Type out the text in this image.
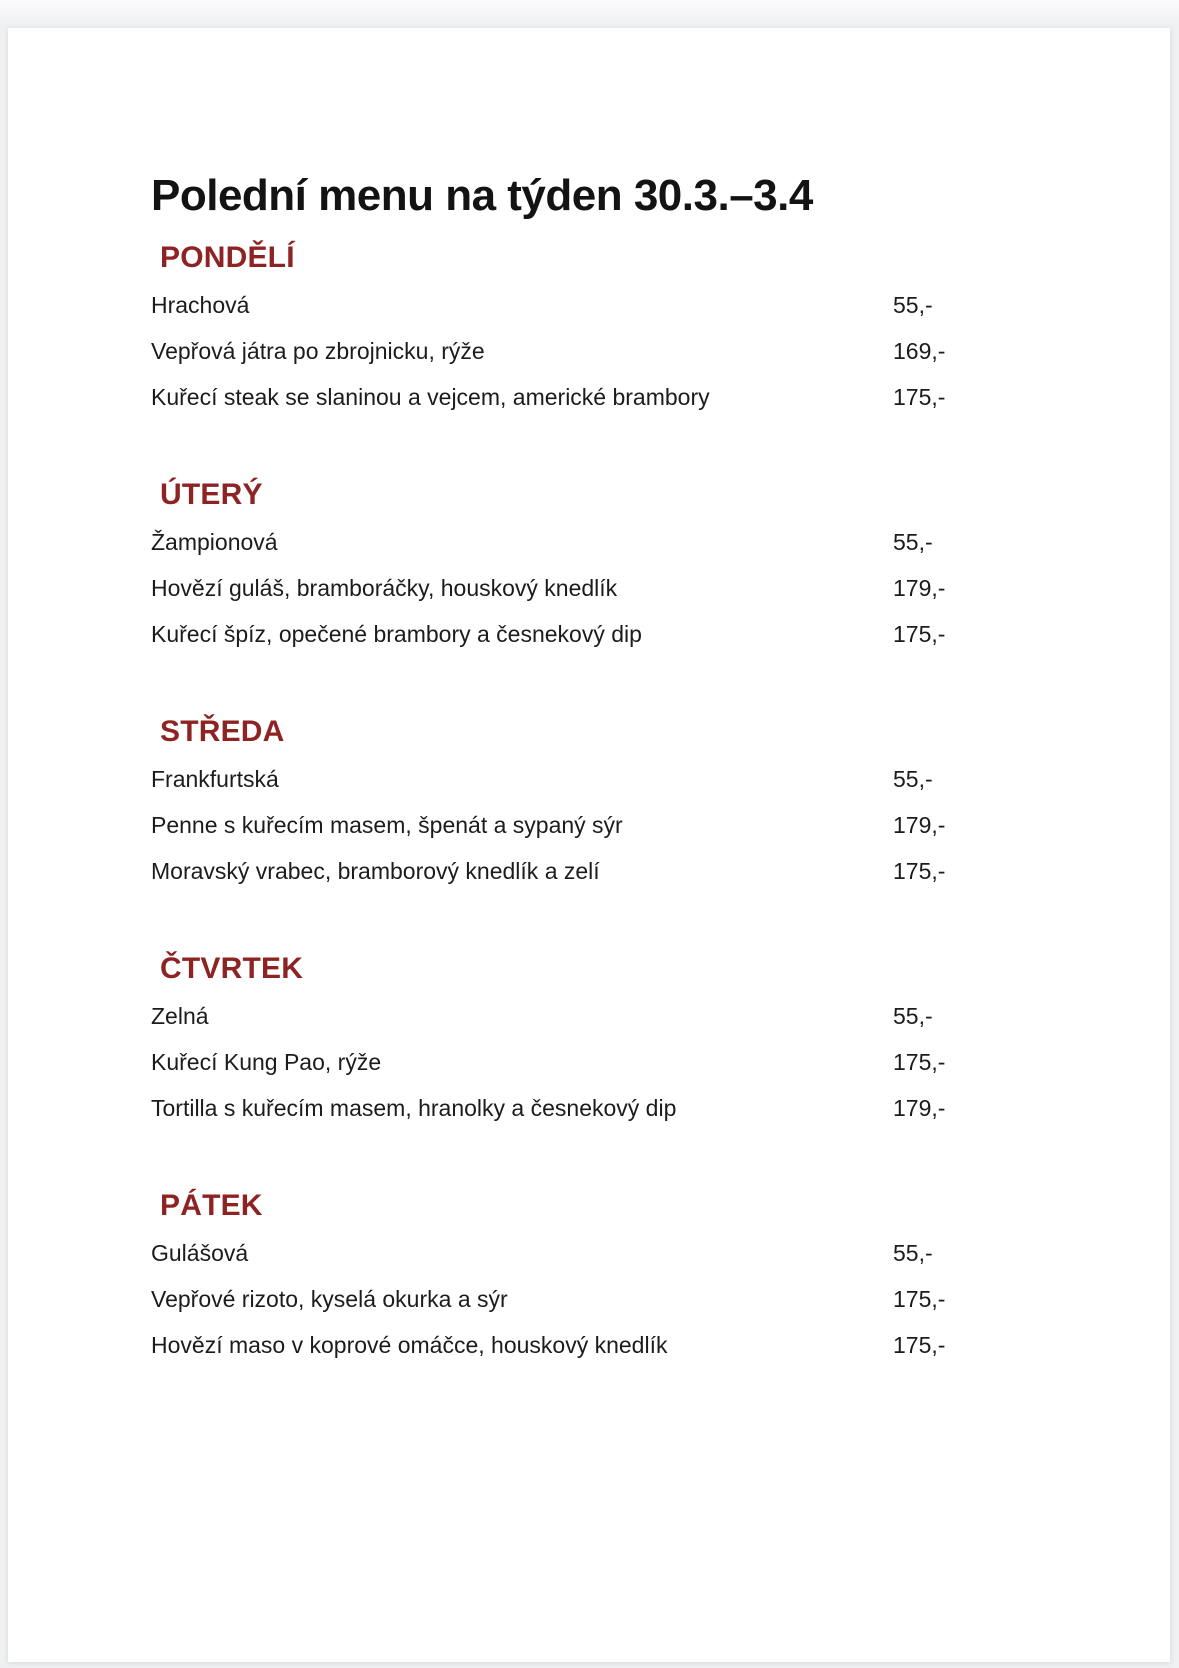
Polední menu na týden 30.3.–3.4
PONDĚLÍ
Hrachová	55,-
Vepřová játra po zbrojnicku, rýže	169,-
Kuřecí steak se slaninou a vejcem, americké brambory	175,-
ÚTERÝ
Žampionová	55,-
Hovězí guláš, bramboráčky, houskový knedlík	179,-
Kuřecí špíz, opečené brambory a česnekový dip	175,-
STŘEDA
Frankfurtská	55,-
Penne s kuřecím masem, špenát a sypaný sýr	179,-
Moravský vrabec, bramborový knedlík a zelí	175,-
ČTVRTEK
Zelná	55,-
Kuřecí Kung Pao, rýže	175,-
Tortilla s kuřecím masem, hranolky a česnekový dip	179,-
PÁTEK
Gulášová	55,-
Vepřové rizoto, kyselá okurka a sýr	175,-
Hovězí maso v koprové omáčce, houskový knedlík	175,-
